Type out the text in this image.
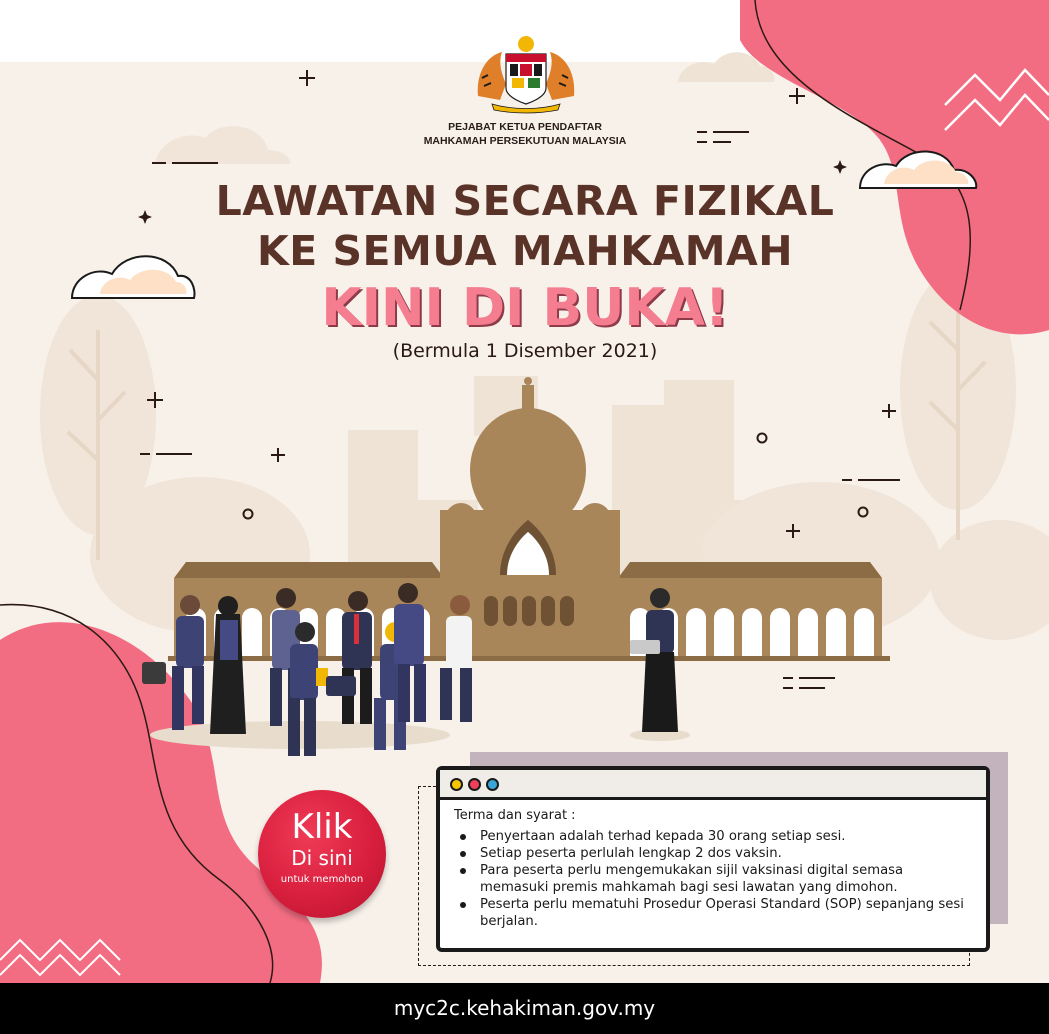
PEJABAT KETUA PENDAFTAR
MAHKAMAH PERSEKUTUAN MALAYSIA
LAWATAN SECARA FIZIKAL
KE SEMUA MAHKAMAH
KINI DI BUKA!
(Bermula 1 Disember 2021)
Klik
Di sini
untuk memohon
Terma dan syarat :
Penyertaan adalah terhad kepada 30 orang setiap sesi.
Setiap peserta perlulah lengkap 2 dos vaksin.
Para peserta perlu mengemukakan sijil vaksinasi digital semasa memasuki premis mahkamah bagi sesi lawatan yang dimohon.
Peserta perlu mematuhi Prosedur Operasi Standard (SOP) sepanjang sesi berjalan.
myc2c.kehakiman.gov.my
